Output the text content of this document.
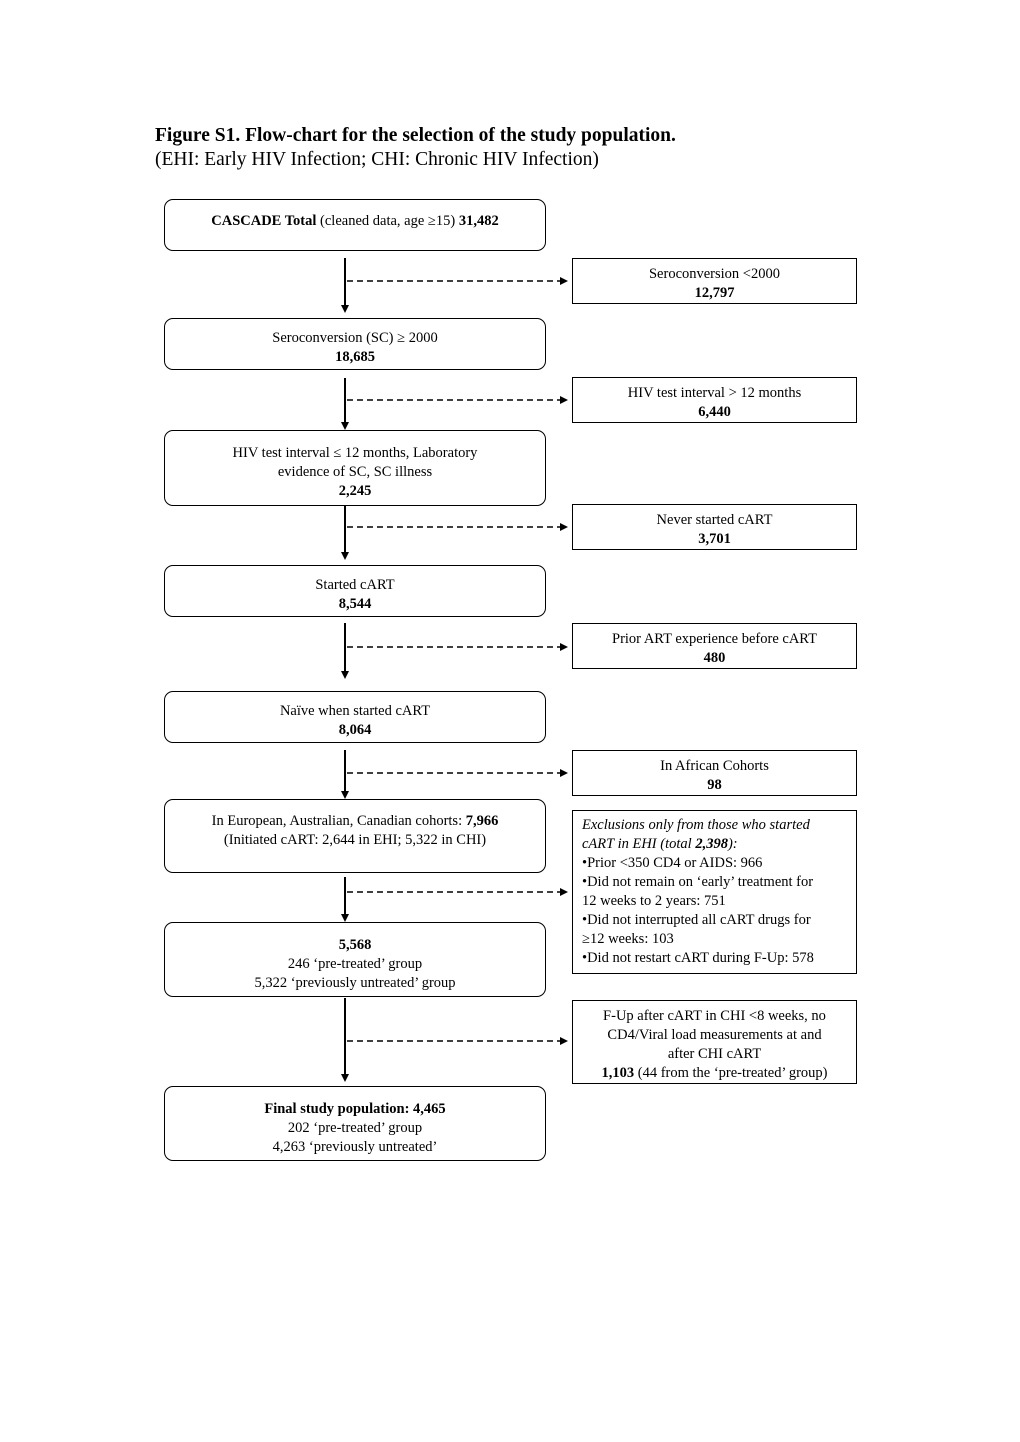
Figure S1. Flow-chart for the selection of the study population.
(EHI: Early HIV Infection; CHI: Chronic HIV Infection)
CASCADE Total (cleaned data, age ≥15) 31,482
Seroconversion (SC) ≥ 2000
18,685
HIV test interval ≤ 12 months, Laboratory
evidence of SC, SC illness
2,245
Started cART
8,544
Naïve when started cART
8,064
In European, Australian, Canadian cohorts: 7,966
(Initiated cART: 2,644 in EHI; 5,322 in CHI)
5,568
246 ‘pre-treated’ group
5,322 ‘previously untreated’ group
Final study population: 4,465
202 ‘pre-treated’ group
4,263 ‘previously untreated’
Seroconversion <2000
12,797
HIV test interval > 12 months
6,440
Never started cART
3,701
Prior ART experience before cART
480
In African Cohorts
98
Exclusions only from those who started
cART in EHI (total 2,398):
•Prior <350 CD4 or AIDS: 966
•Did not remain on ‘early’ treatment for
12 weeks to 2 years: 751
•Did not interrupted all cART drugs for
≥12 weeks: 103
•Did not restart cART during F-Up: 578
F-Up after cART in CHI <8 weeks, no
CD4/Viral load measurements at and
after CHI cART
1,103 (44 from the ‘pre-treated’ group)
